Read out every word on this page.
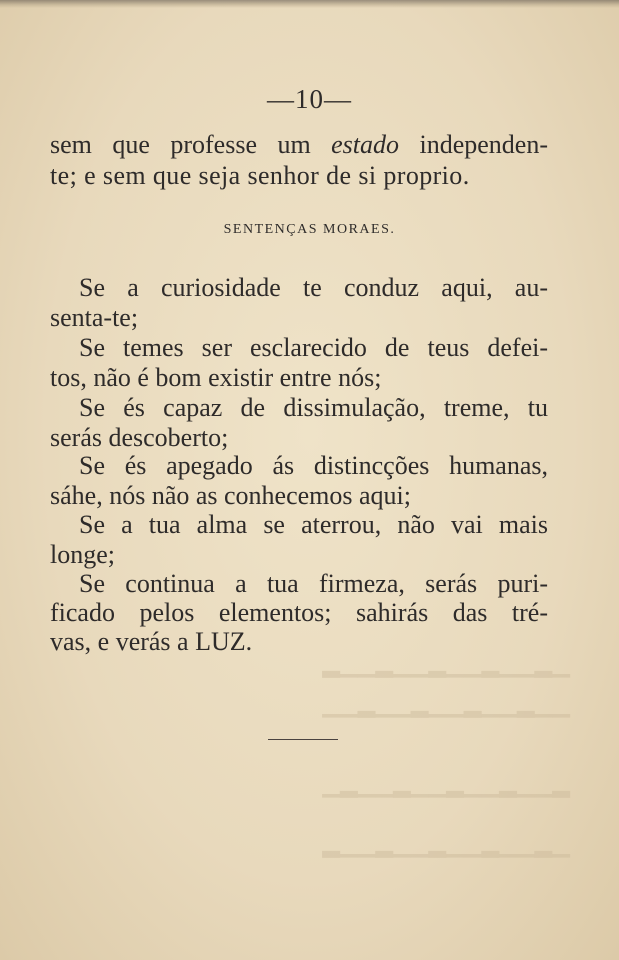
▁▂▁▁▂▁▁▂▁▁▂▁▁▂
▁▁▂▁▁▂▁▁▂▁▁▂▁▁
▂▁▁▂▁▁▂▁▁▂▁▁▂▁
▁▂▁▁▂▁▁▂▁▁▂▁▁▂
—10—
sem que professe um estado independen-
te; e sem que seja senhor de si proprio.
SENTENÇAS MORAES.
Se a curiosidade te conduz aqui, au-
senta-te;
Se temes ser esclarecido de teus defei-
tos, não é bom existir entre nós;
Se és capaz de dissimulação, treme, tu
serás descoberto;
Se és apegado ás distincções humanas,
sáhe, nós não as conhecemos aqui;
Se a tua alma se aterrou, não vai mais
longe;
Se continua a tua firmeza, serás puri-
ficado pelos elementos; sahirás das tré-
vas, e verás a LUZ.
